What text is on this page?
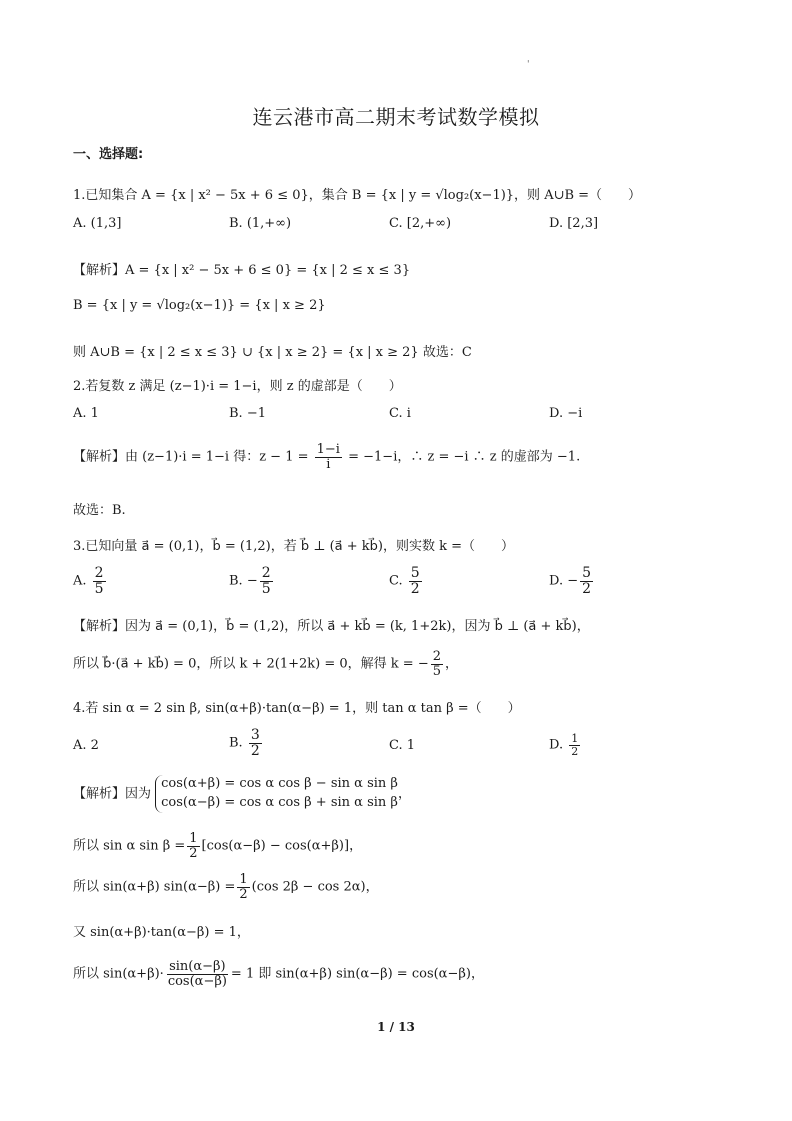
'
连云港市高二期末考试数学模拟
一、选择题:
1.已知集合 A = {x | x² − 5x + 6 ≤ 0}，集合 B = {x | y = √log₂(x−1)}，则 A∪B =（　　）
A. (1,3]	B. (1,+∞)	C. [2,+∞)	D. [2,3]
【解析】A = {x | x² − 5x + 6 ≤ 0} = {x | 2 ≤ x ≤ 3}
B = {x | y = √log₂(x−1)} = {x | x ≥ 2}
则 A∪B = {x | 2 ≤ x ≤ 3} ∪ {x | x ≥ 2} = {x | x ≥ 2} 故选：C
2.若复数 z 满足 (z−1)·i = 1−i，则 z 的虚部是（　　）
A. 1	B. −1	C. i	D. −i
【解析】由 (z−1)·i = 1−i 得：$z - 1 = \frac{1-i}{i} = -1-i$，∴ z = −i ∴ z 的虚部为 −1.
故选：B.
3.已知向量 a⃗ = (0,1)，b⃗ = (1,2)，若 b⃗ ⊥ (a⃗ + kb⃗)，则实数 k =（　　）
A. $\frac{2}{5}$	B. − $\frac{2}{5}$	C. $\frac{5}{2}$	D. − $\frac{5}{2}$
【解析】因为 a⃗ = (0,1)，b⃗ = (1,2)，所以 a⃗ + kb⃗ = (k, 1+2k)，因为 b⃗ ⊥ (a⃗ + kb⃗)，
所以 b⃗·(a⃗ + kb⃗) = 0，所以 k + 2(1+2k) = 0，解得 k = − $\frac{2}{5}$ ，
4.若 sin α = 2 sin β, sin(α+β)·tan(α−β) = 1，则 tan α tan β =（　　）
A. 2	B. $\frac{3}{2}$	C. 1	D. $\frac{1}{2}$
【解析】因为
cos(α+β) = cos α cos β − sin α sin β
cos(α−β) = cos α cos β + sin α sin β
，
所以 sin α $\sin \beta = \frac{1}{2} [\cos(\alpha-\beta) - \cos(\alpha+\beta)]$，
所以 sin(α+β) $\sin(\alpha-\beta) = \frac{1}{2} (\cos$ 2β − cos 2α)，
又 sin(α+β)·tan(α−β) = 1，
所以 $\sin(\alpha+\beta)\cdot \frac{\sin(\alpha-\beta)}{\cos(\alpha-\beta)} = 1$ 即 sin(α+β) sin(α−β) = cos(α−β)，
1 / 13
